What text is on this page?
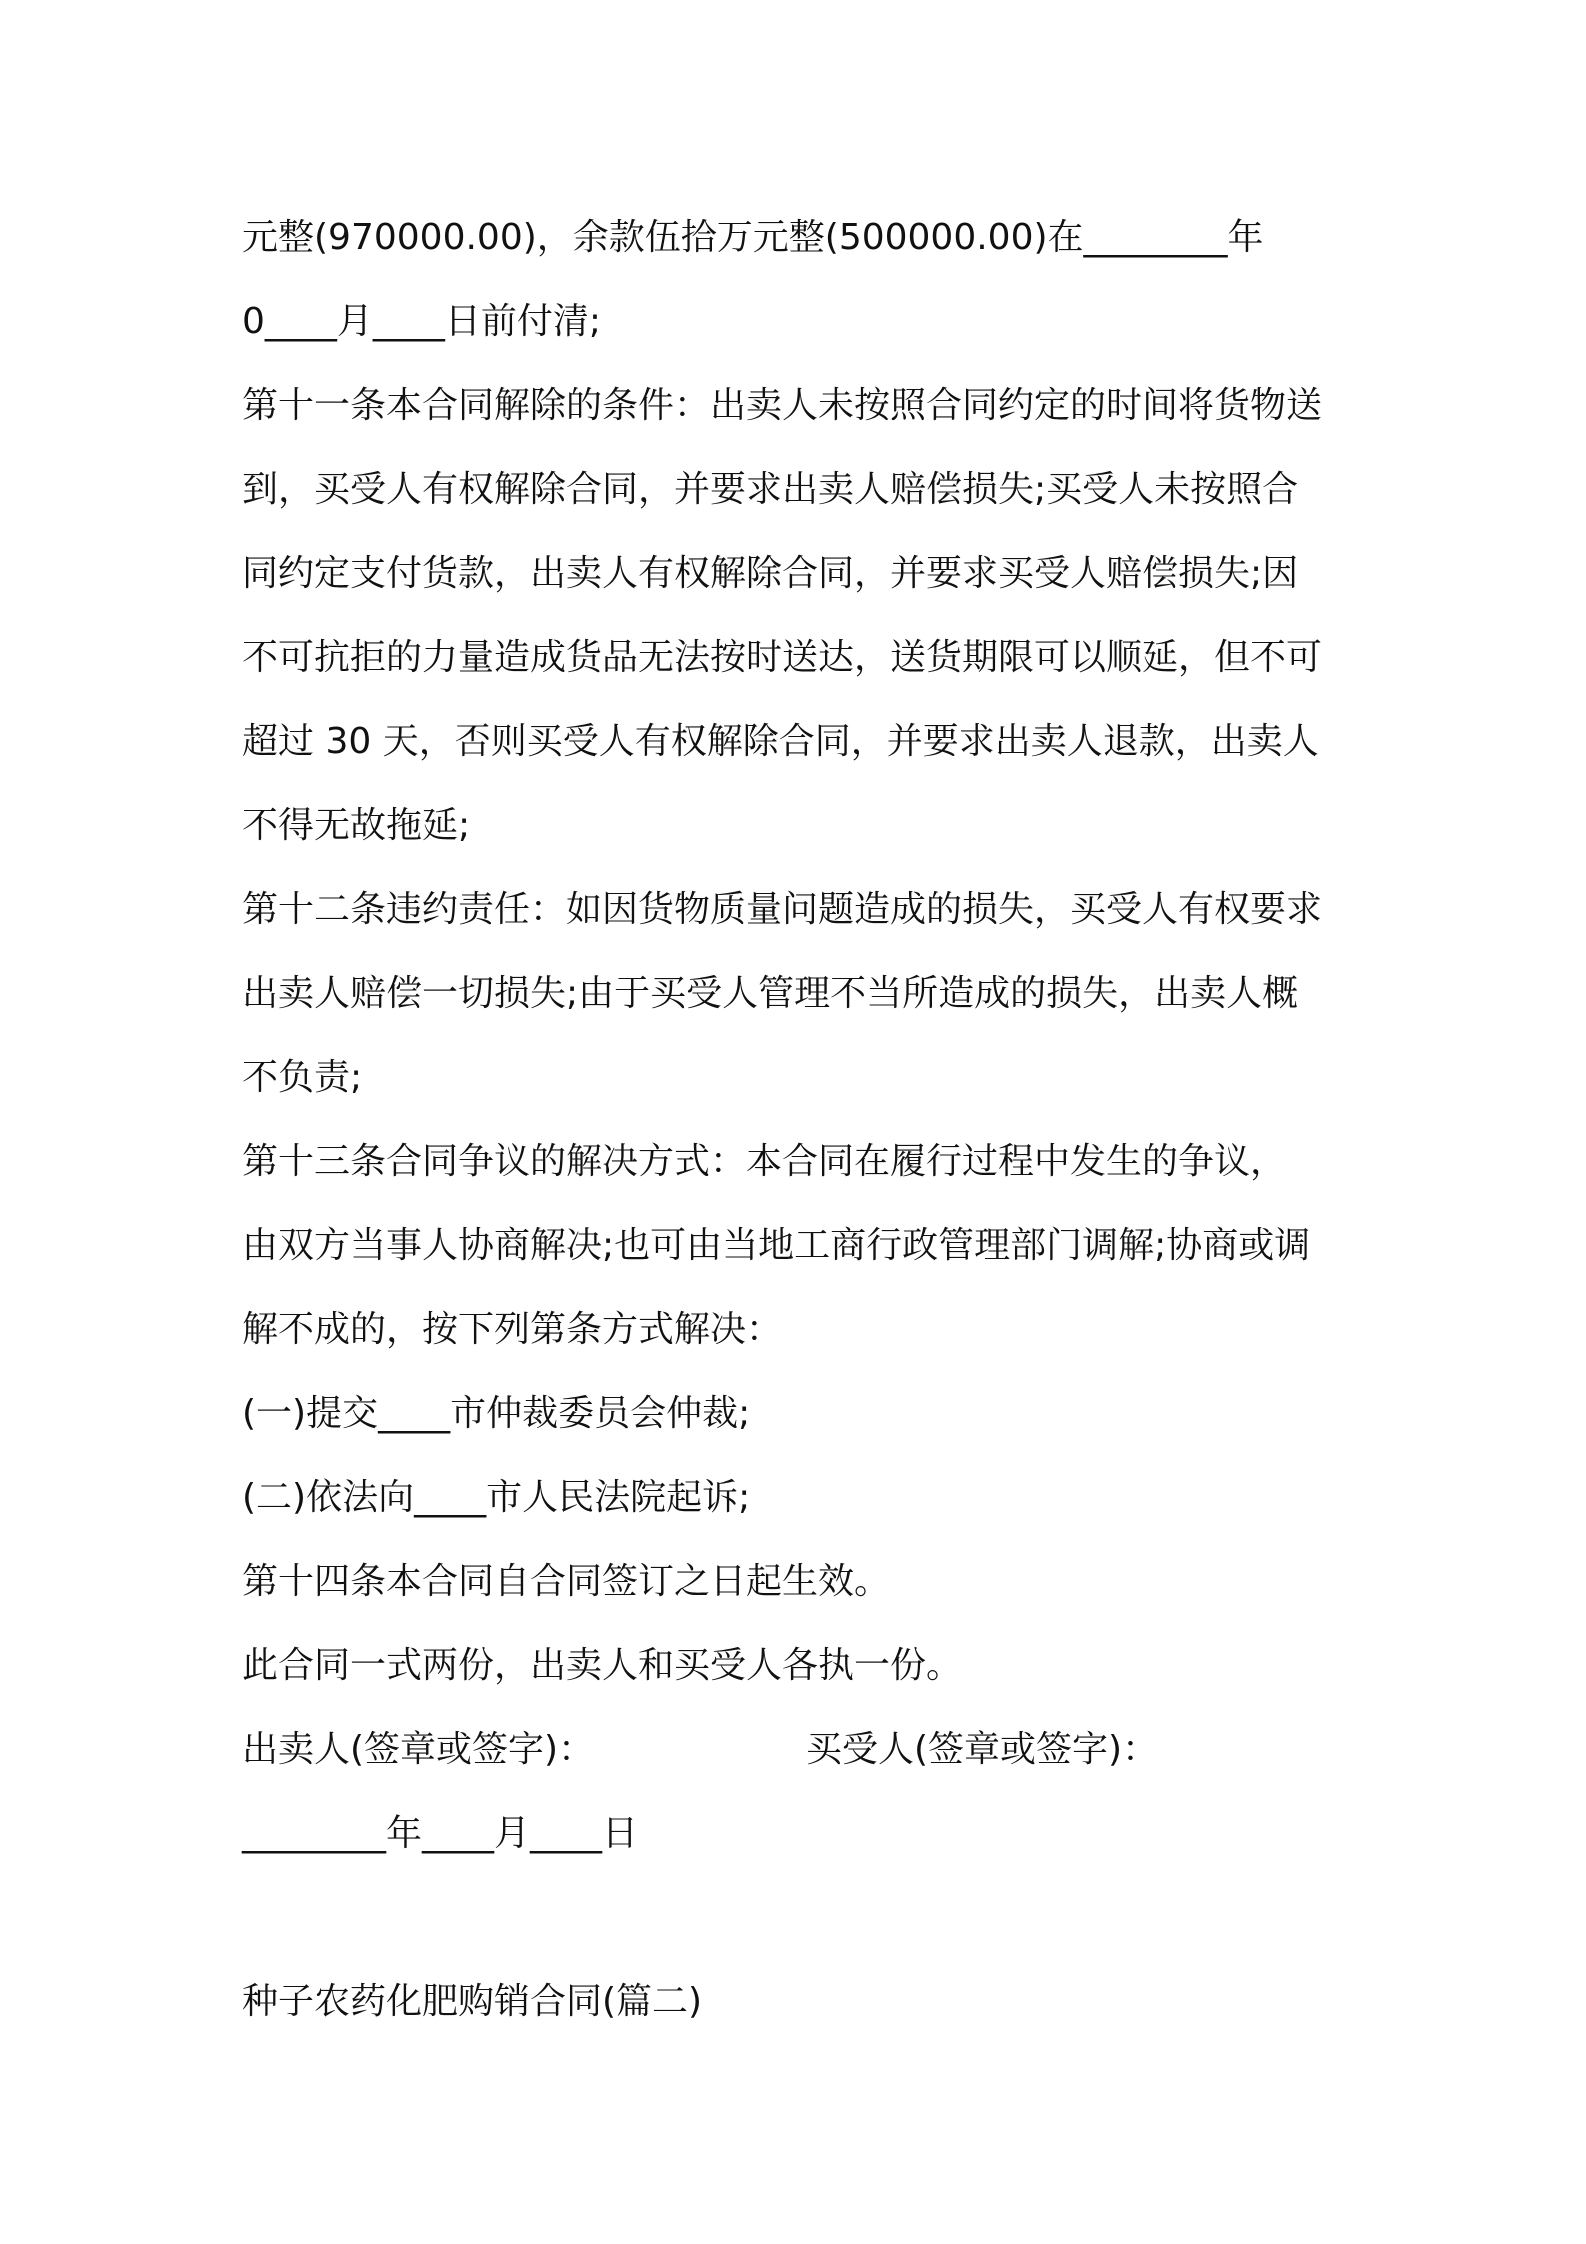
元整(970000.00)，余款伍拾万元整(500000.00)在________年
0____月____日前付清;
第十一条本合同解除的条件：出卖人未按照合同约定的时间将货物送
到，买受人有权解除合同，并要求出卖人赔偿损失;买受人未按照合
同约定支付货款，出卖人有权解除合同，并要求买受人赔偿损失;因
不可抗拒的力量造成货品无法按时送达，送货期限可以顺延，但不可
超过 30 天，否则买受人有权解除合同，并要求出卖人退款，出卖人
不得无故拖延;
第十二条违约责任：如因货物质量问题造成的损失，买受人有权要求
出卖人赔偿一切损失;由于买受人管理不当所造成的损失，出卖人概
不负责;
第十三条合同争议的解决方式：本合同在履行过程中发生的争议，
由双方当事人协商解决;也可由当地工商行政管理部门调解;协商或调
解不成的，按下列第条方式解决：
(一)提交____市仲裁委员会仲裁;
(二)依法向____市人民法院起诉;
第十四条本合同自合同签订之日起生效。
此合同一式两份，出卖人和买受人各执一份。
出卖人(签章或签字)：	买受人(签章或签字)：
________年____月____日
种子农药化肥购销合同(篇二)
